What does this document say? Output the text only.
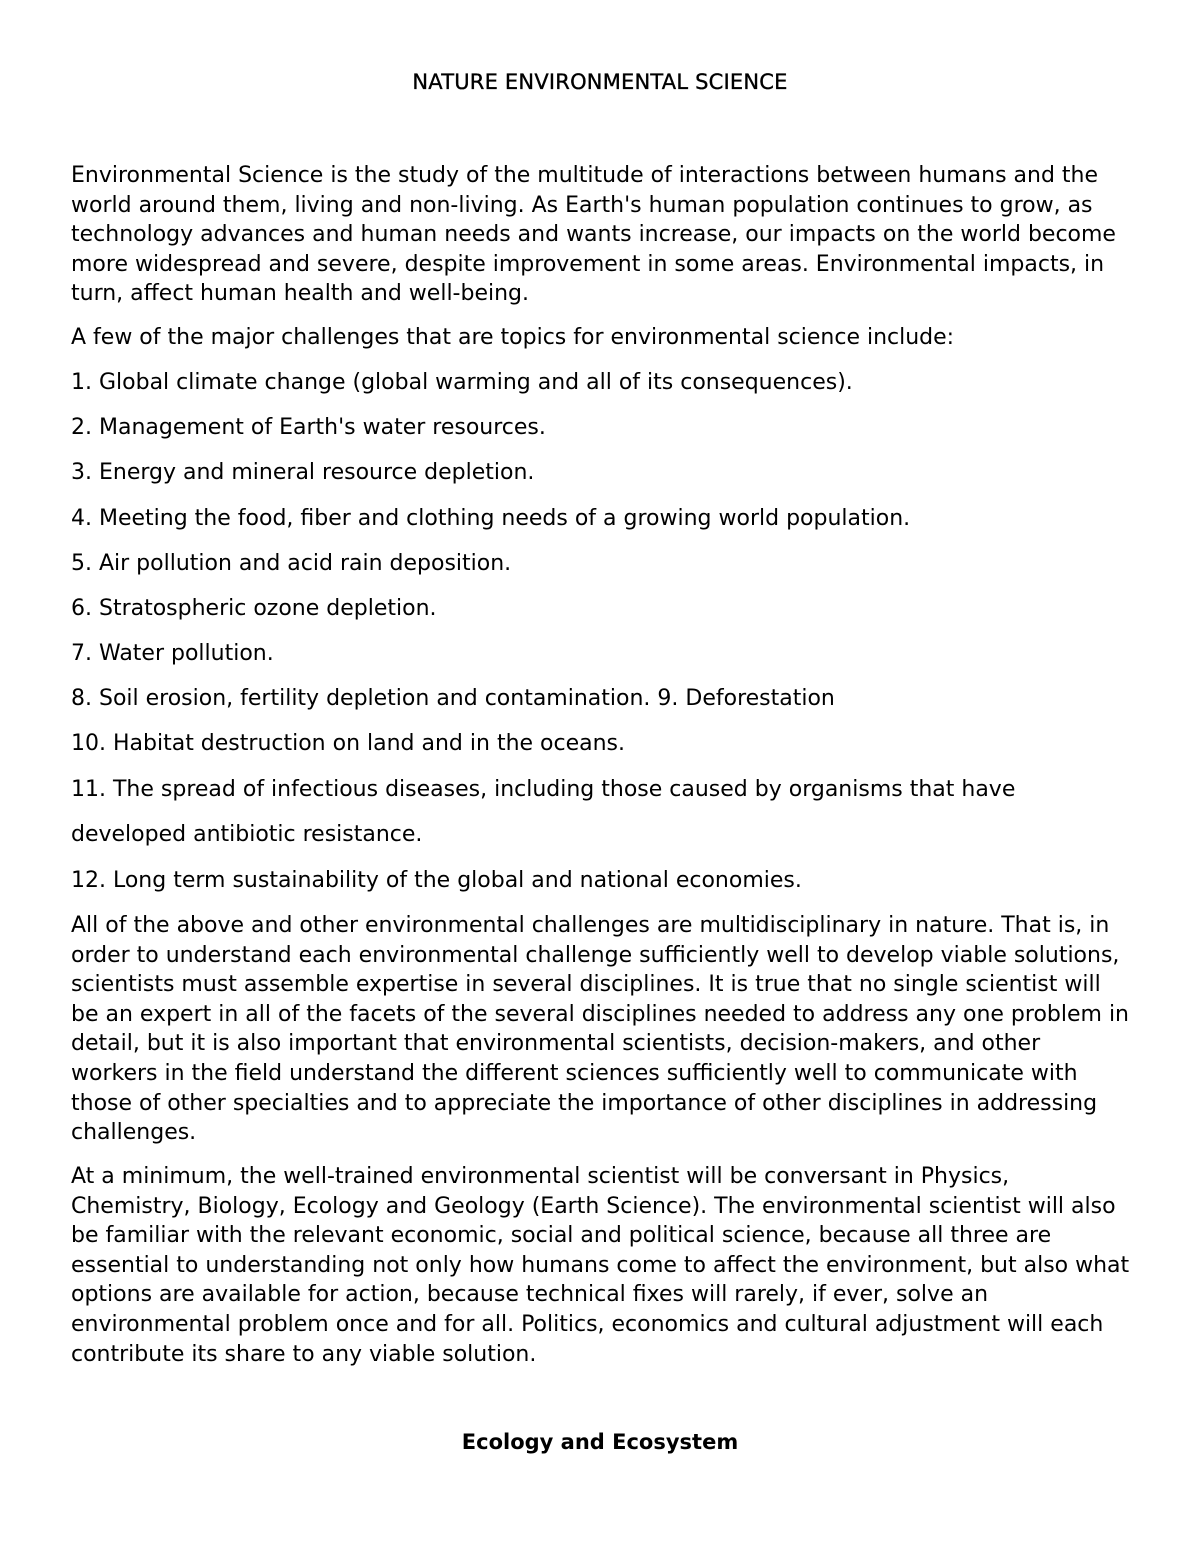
NATURE ENVIRONMENTAL SCIENCE
Environmental Science is the study of the multitude of interactions between humans and the world around them, living and non-living. As Earth's human population continues to grow, as technology advances and human needs and wants increase, our impacts on the world become more widespread and severe, despite improvement in some areas. Environmental impacts, in turn, affect human health and well-being.
A few of the major challenges that are topics for environmental science include:
1. Global climate change (global warming and all of its consequences).
2. Management of Earth's water resources.
3. Energy and mineral resource depletion.
4. Meeting the food, fiber and clothing needs of a growing world population.
5. Air pollution and acid rain deposition.
6. Stratospheric ozone depletion.
7. Water pollution.
8. Soil erosion, fertility depletion and contamination. 9. Deforestation
10. Habitat destruction on land and in the oceans.
11. The spread of infectious diseases, including those caused by organisms that have
developed antibiotic resistance.
12. Long term sustainability of the global and national economies.
All of the above and other environmental challenges are multidisciplinary in nature. That is, in order to understand each environmental challenge sufficiently well to develop viable solutions, scientists must assemble expertise in several disciplines. It is true that no single scientist will be an expert in all of the facets of the several disciplines needed to address any one problem in detail, but it is also important that environmental scientists, decision-makers, and other workers in the field understand the different sciences sufficiently well to communicate with those of other specialties and to appreciate the importance of other disciplines in addressing challenges.
At a minimum, the well-trained environmental scientist will be conversant in Physics, Chemistry, Biology, Ecology and Geology (Earth Science). The environmental scientist will also be familiar with the relevant economic, social and political science, because all three are essential to understanding not only how humans come to affect the environment, but also what options are available for action, because technical fixes will rarely, if ever, solve an environmental problem once and for all. Politics, economics and cultural adjustment will each contribute its share to any viable solution.
Ecology and Ecosystem
